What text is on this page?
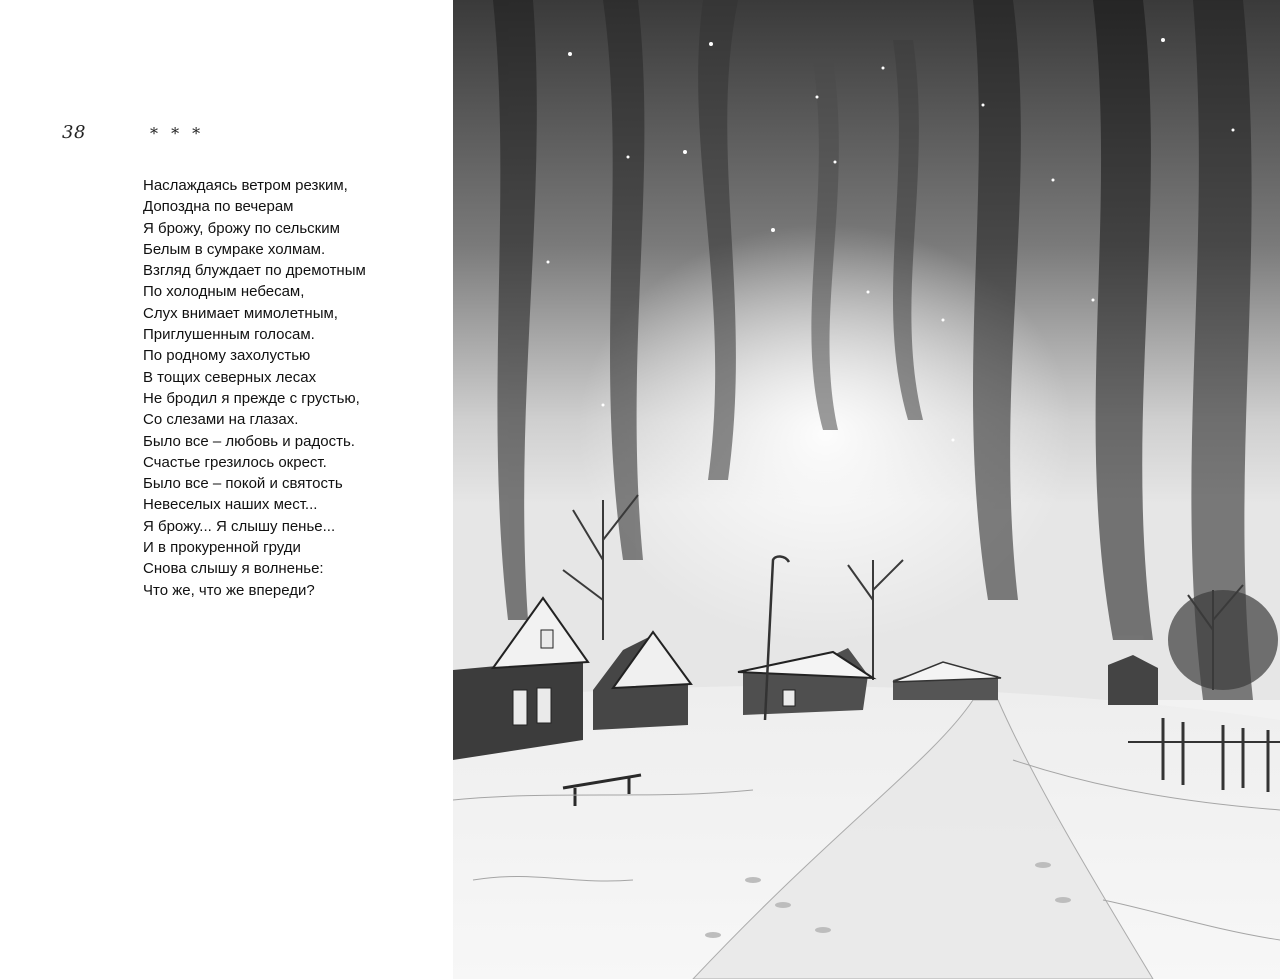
38	* * *
Наслаждаясь ветром резким,
Допоздна по вечерам
Я брожу, брожу по сельским
Белым в сумраке холмам.
Взгляд блуждает по дремотным
По холодным небесам,
Слух внимает мимолетным,
Приглушенным голосам.
По родному захолустью
В тощих северных лесах
Не бродил я прежде с грустью,
Со слезами на глазах.
Было все – любовь и радость.
Счастье грезилось окрест.
Было все – покой и святость
Невеселых наших мест...
Я брожу... Я слышу пенье...
И в прокуренной груди
Снова слышу я волненье:
Что же, что же впереди?
